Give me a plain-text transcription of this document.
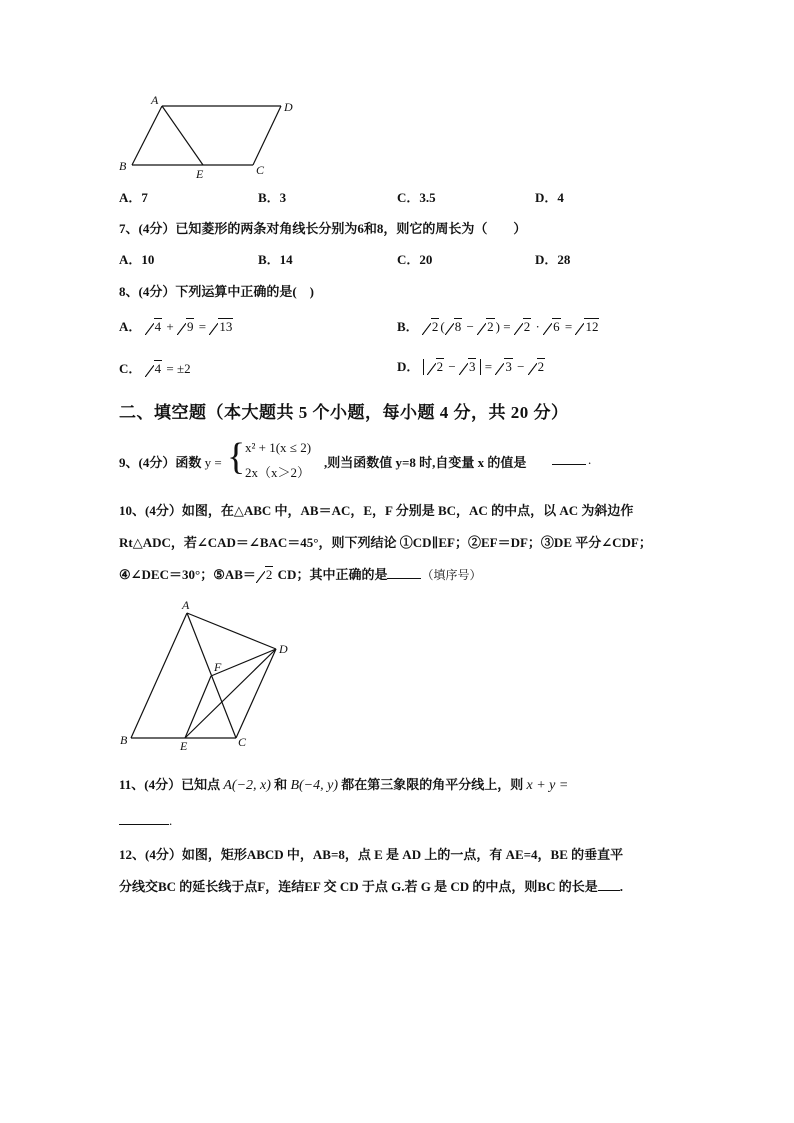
A	D
B
E	C
A．7	B．3	C．3.5	D．4
7、(4分）已知菱形的两条对角线长分别为6和8，则它的周长为（　　）
A．10	B．14	C．20	D．28
8、(4分）下列运算中正确的是(　)
A． 4 + 9 = 13	B． 2 ( 8 − 2 ) = 2 · 6 = 12
C． 4 = ±2	D． 2 − 3 = 3 − 2
二、填空题（本大题共 5 个小题，每小题 4 分，共 20 分）
9、(4分）函数 y = { x² + 1(x ≤ 2)
2x（x＞2）
,则当函数值 y=8 时,自变量 x 的值是	.
10、(4分）如图，在△ABC 中，AB＝AC，E，F 分别是 BC，AC 的中点，以 AC 为斜边作
Rt△ADC，若∠CAD＝∠BAC＝45°，则下列结论 ①CD∥EF；②EF＝DF；③DE 平分∠CDF；
④∠DEC＝30°；⑤AB＝ 2 CD；其中正确的是	（填序号）
A
D
F
B	E	C
11、(4分）已知点 A(−2, x) 和 B(−4, y) 都在第三象限的角平分线上，则 x + y =
.
12、(4分）如图，矩形ABCD 中，AB=8，点 E 是 AD 上的一点，有 AE=4，BE 的垂直平
分线交BC 的延长线于点F，连结EF 交 CD 于点 G.若 G 是 CD 的中点，则BC 的长是 .
